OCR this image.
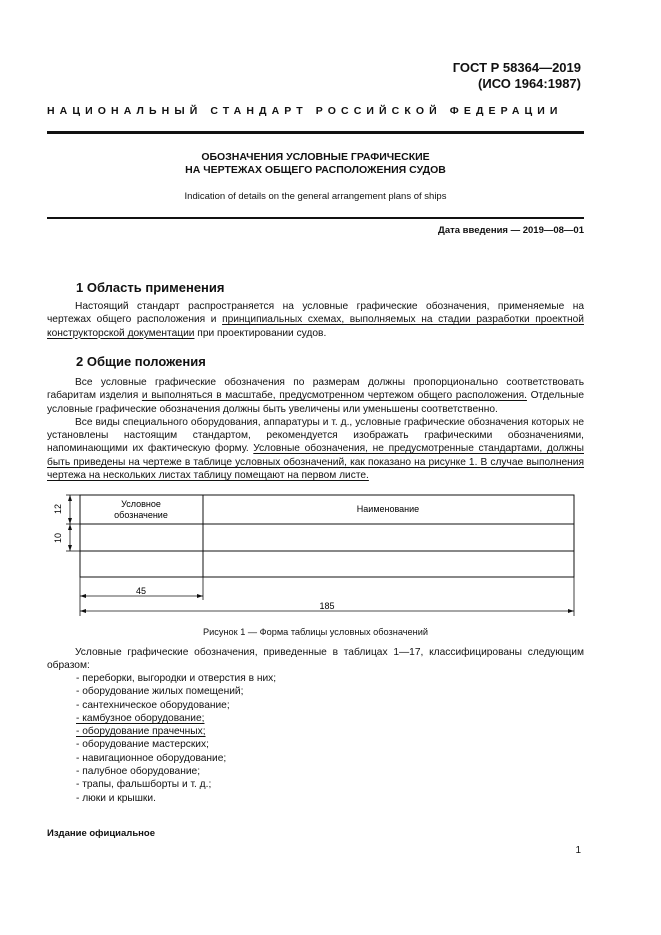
ГОСТ Р 58364—2019
(ИСО 1964:1987)
НАЦИОНАЛЬНЫЙ СТАНДАРТ РОССИЙСКОЙ ФЕДЕРАЦИИ
ОБОЗНАЧЕНИЯ УСЛОВНЫЕ ГРАФИЧЕСКИЕ
НА ЧЕРТЕЖАХ ОБЩЕГО РАСПОЛОЖЕНИЯ СУДОВ
Indication of details on the general arrangement plans of ships
Дата введения — 2019—08—01
1 Область применения

Настоящий стандарт распространяется на условные графические обозначения, применяемые на чертежах общего расположения и принципиальных схемах, выполняемых на стадии разработки проектной конструкторской документации при проектировании судов.

2 Общие положения

Все условные графические обозначения по размерам должны пропорционально соответствовать габаритам изделия и выполняться в масштабе, предусмотренном чертежом общего расположения. Отдельные условные графические обозначения должны быть увеличены или уменьшены соответственно.

Все виды специального оборудования, аппаратуры и т. д., условные графические обозначения которых не установлены настоящим стандартом, рекомендуется изображать графическими обозначениями, напоминающими их фактическую форму. Условные обозначения, не предусмотренные стандартами, должны быть приведены на чертеже в таблице условных обозначений, как показано на рисунке 1. В случае выполнения чертежа на нескольких листах таблицу помещают на первом листе.

Условное
обозначение
Наименование
12
10
45
185
Рисунок 1 — Форма таблицы условных обозначений

Условные графические обозначения, приведенные в таблицах 1—17, классифицированы следующим образом:

- переборки, выгородки и отверстия в них;
- оборудование жилых помещений;
- сантехническое оборудование;
- камбузное оборудование;
- оборудование прачечных;
- оборудование мастерских;
- навигационное оборудование;
- палубное оборудование;
- трапы, фальшборты и т. д.;
- люки и крышки.
Издание официальное
1
